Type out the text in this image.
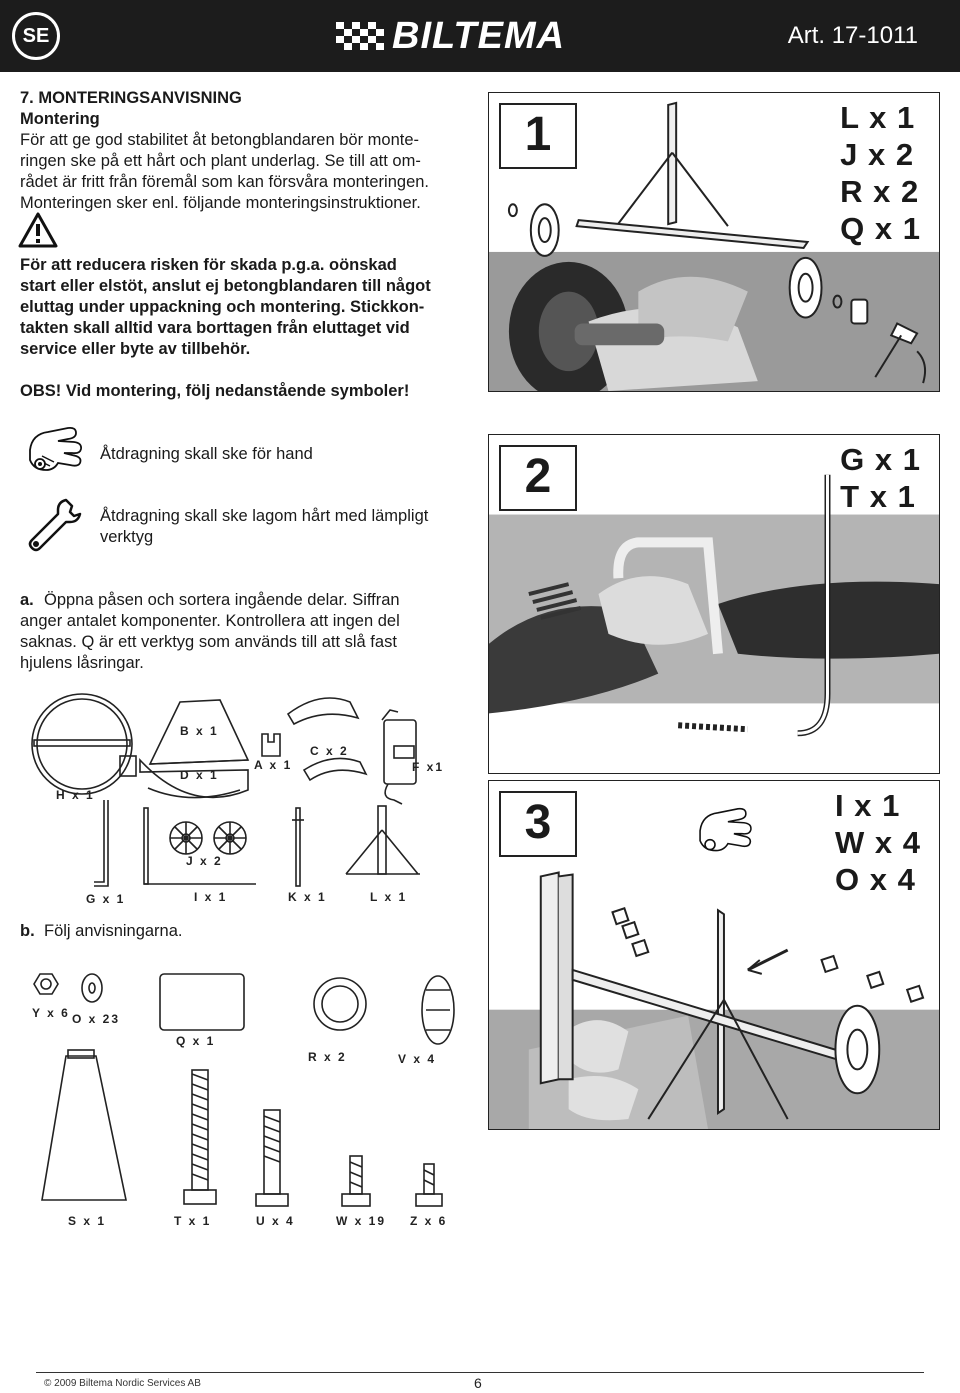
SE	BILTEMA	Art. 17-1011
7. MONTERINGSANVISNING
Montering
För att ge god stabilitet åt betongblandaren bör monte-
ringen ske på ett hårt och plant underlag. Se till att om-
rådet är fritt från föremål som kan försvåra monteringen.
Monteringen sker enl. följande monteringsinstruktioner.
För att reducera risken för skada p.g.a. oönskad
start eller elstöt, anslut ej betongblandaren till något
eluttag under uppackning och montering. Stickkon-
takten skall alltid vara borttagen från eluttaget vid
service eller byte av tillbehör.
OBS! Vid montering, följ nedanstående symboler!
Åtdragning skall ske för hand
Åtdragning skall ske lagom hårt med lämpligt verktyg
a. Öppna påsen och sortera ingående delar. Siffran
anger antalet komponenter. Kontrollera att ingen del
saknas. Q är ett verktyg som används till att slå fast
hjulens låsringar.
H x 1
B x 1
D x 1
A x 1
C x 2
F x1
J x 2
G x 1	I x 1	K x 1	L x 1
b. Följ anvisningarna.
Y x 6 O x 23
Q x 1
R x 2	V x 4
S x 1	T x 1	U x 4	W x 19 Z x 6
1	L x 1
J x 2
R x 2
Q x 1
2	G x 1
T x 1
3	I x 1
W x 4
O x 4
© 2009 Biltema Nordic Services AB	6
